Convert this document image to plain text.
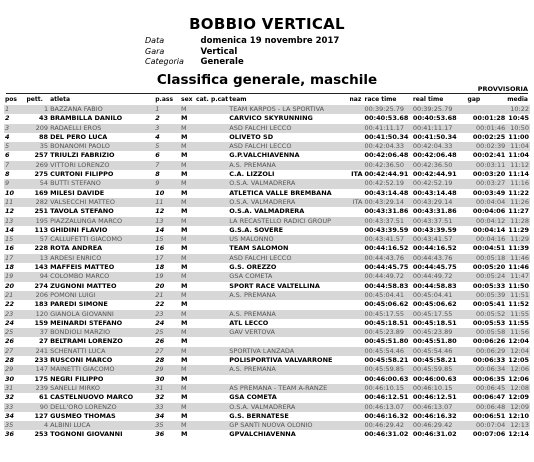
BOBBIO VERTICAL
Data	domenica 19 novembre 2017
Gara	Vertical
Categoria Generale
Classifica generale, maschile
PROVVISORIA
pos	pett.	atleta	p.ass	sex	cat.	p.cat	team	naz	race time	real time	gap	media
1	1	BAZZANA FABIO	1	M			TEAM KARPOS - LA SPORTIVA		00:39:25.79	00:39:25.79		10:22
2	43	BRAMBILLA DANILO	2	M			CARVICO SKYRUNNING		00:40:53.68	00:40:53.68	00:01:28	10:45
3	209	RADAELLI EROS	3	M			ASD FALCHI LECCO		00:41:11.17	00:41:11.17	00:01:46	10:50
4	88	DEL PERO LUCA	4	M			OLIVETO SD		00:41:50.34	00:41:50.34	00:02:25	11:00
5	35	BONANOMI PAOLO	5	M			ASD FALCHI LECCO		00:42:04.33	00:42:04.33	00:02:39	11:04
6	257	TRIULZI FABRIZIO	6	M			G.P.VALCHIAVENNA		00:42:06.48	00:42:06.48	00:02:41	11:04
7	269	VITTORI LORENZO	7	M			A.S. PREMANA		00:42:36.50	00:42:36.50	00:03:11	11:12
8	275	CURTONI FILIPPO	8	M			C.A. LIZZOLI	ITA	00:42:44.91	00:42:44.91	00:03:20	11:14
9	54	BUTTI STEFANO	9	M			O.S.A. VALMADRERA		00:42:52.19	00:42:52.19	00:03:27	11:16
10	169	MILESI DAVIDE	10	M			ATLETICA VALLE BREMBANA		00:43:14.48	00:43:14.48	00:03:49	11:22
11	282	VALSECCHI MATTEO	11	M			O.S.A. VALMADRERA	ITA	00:43:29.14	00:43:29.14	00:04:04	11:26
12	251	TAVOLA STEFANO	12	M			O.S.A. VALMADRERA		00:43:31.86	00:43:31.86	00:04:06	11:27
13	195	PIAZZALUNGA MARCO	13	M			LA RECASTELLO RADICI GROUP		00:43:37.51	00:43:37.51	00:04:12	11:28
14	113	GHIDINI FLAVIO	14	M			G.S.A. SOVERE		00:43:39.59	00:43:39.59	00:04:14	11:29
15	57	CALLUFETTI GIACOMO	15	M			US MALONNO		00:43:41.57	00:43:41.57	00:04:16	11:29
16	228	ROTA ANDREA	16	M			TEAM SALOMON		00:44:16.52	00:44:16.52	00:04:51	11:39
17	13	ARDESI ENRICO	17	M			ASD FALCHI LECCO		00:44:43.76	00:44:43.76	00:05:18	11:46
18	143	MAFFEIS MATTEO	18	M			G.S. OREZZO		00:44:45.75	00:44:45.75	00:05:20	11:46
19	94	COLOMBO MARCO	19	M			GSA COMETA		00:44:49.72	00:44:49.72	00:05:24	11:47
20	274	ZUGNONI MATTEO	20	M			SPORT RACE VALTELLINA		00:44:58.83	00:44:58.83	00:05:33	11:50
21	206	POMONI LUIGI	21	M			A.S. PREMANA		00:45:04.41	00:45:04.41	00:05:39	11:51
22	183	PAREDI SIMONE	22	M					00:45:06.62	00:45:06.62	00:05:41	11:52
23	120	GIANOLA GIOVANNI	23	M			A.S. PREMANA		00:45:17.55	00:45:17.55	00:05:52	11:55
24	159	MEINARDI STEFANO	24	M			ATL LECCO		00:45:18.51	00:45:18.51	00:05:53	11:55
25	37	BONDIOLI MARZIO	25	M			GAV VERTOVA		00:45:23.89	00:45:23.89	00:05:58	11:56
26	27	BELTRAMI LORENZO	26	M					00:45:51.80	00:45:51.80	00:06:26	12:04
27	241	SCHENATTI LUCA	27	M			SPORTIVA LANZADA		00:45:54.46	00:45:54.46	00:06:29	12:04
28	233	RUSCONI MARCO	28	M			POLISPORTIVA VALVARRONE		00:45:58.21	00:45:58.21	00:06:33	12:05
29	147	MAINETTI GIACOMO	29	M			A.S. PREMANA		00:45:59.85	00:45:59.85	00:06:34	12:06
30	175	NEGRI FILIPPO	30	M					00:46:00.63	00:46:00.63	00:06:35	12:06
31	239	SANELLI MIRKO	31	M			AS PREMANA - TEAM A-RANZE		00:46:10.15	00:46:10.15	00:06:45	12:08
32	61	CASTELNUOVO MARCO	32	M			GSA COMETA		00:46:12.51	00:46:12.51	00:06:47	12:09
33	90	DELL'ORO LORENZO	33	M			O.S.A. VALMADRERA		00:46:13.07	00:46:13.07	00:06:48	12:09
34	127	GUSMEO THOMAS	34	M			G.S. BERNATESE		00:46:16.32	00:46:16.32	00:06:51	12:10
35	4	ALBINI LUCA	35	M			GP SANTI NUOVA OLONIO		00:46:29.42	00:46:29.42	00:07:04	12:13
36	253	TOGNONI GIOVANNI	36	M			GPVALCHIAVENNA		00:46:31.02	00:46:31.02	00:07:06	12:14
